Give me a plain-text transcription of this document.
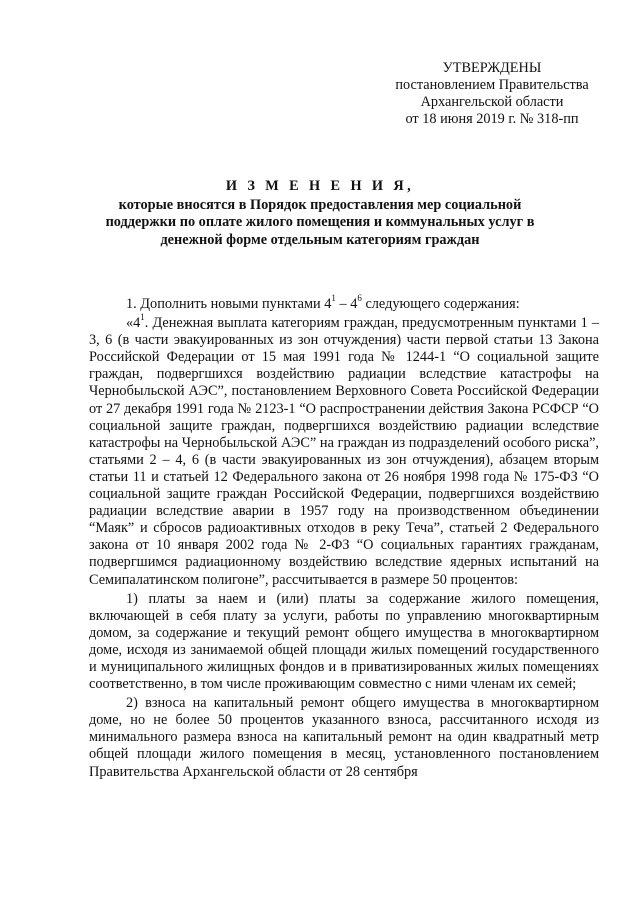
УТВЕРЖДЕНЫ
постановлением Правительства
Архангельской области
от 18 июня 2019 г. № 318-пп
И З М Е Н Е Н И Я,
которые вносятся в Порядок предоставления мер социальной поддержки по оплате жилого помещения и коммунальных услуг в денежной форме отдельным категориям граждан

1. Дополнить новыми пунктами $4^1 - 4^6$ следующего содержания:

«$4^1$. Денежная выплата категориям граждан, предусмотренным пунктами 1 – 3, 6 (в части эвакуированных из зон отчуждения) части первой статьи 13 Закона Российской Федерации от 15 мая 1991 года № 1244-1 “О социальной защите граждан, подвергшихся воздействию радиации вследствие катастрофы на Чернобыльской АЭС”, постановлением Верховного Совета Российской Федерации от 27 декабря 1991 года № 2123-1 “О распространении действия Закона РСФСР “О социальной защите граждан, подвергшихся воздействию радиации вследствие катастрофы на Чернобыльской АЭС” на граждан из подразделений особого риска”, статьями 2 – 4, 6 (в части эвакуированных из зон отчуждения), абзацем вторым статьи 11 и статьей 12 Федерального закона от 26 ноября 1998 года № 175-ФЗ “О социальной защите граждан Российской Федерации, подвергшихся воздействию радиации вследствие аварии в 1957 году на производственном объединении “Маяк” и сбросов радиоактивных отходов в реку Теча”, статьей 2 Федерального закона от 10 января 2002 года № 2-ФЗ “О социальных гарантиях гражданам, подвергшимся радиационному воздействию вследствие ядерных испытаний на Семипалатинском полигоне”, рассчитывается в размере 50 процентов:

1) платы за наем и (или) платы за содержание жилого помещения, включающей в себя плату за услуги, работы по управлению многоквартирным домом, за содержание и текущий ремонт общего имущества в многоквартирном доме, исходя из занимаемой общей площади жилых помещений государственного и муниципального жилищных фондов и в приватизированных жилых помещениях соответственно, в том числе проживающим совместно с ними членам их семей;

2) взноса на капитальный ремонт общего имущества в многоквартирном доме, но не более 50 процентов указанного взноса, рассчитанного исходя из минимального размера взноса на капитальный ремонт на один квадратный метр общей площади жилого помещения в месяц, установленного постановлением Правительства Архангельской области от 28 сентября
